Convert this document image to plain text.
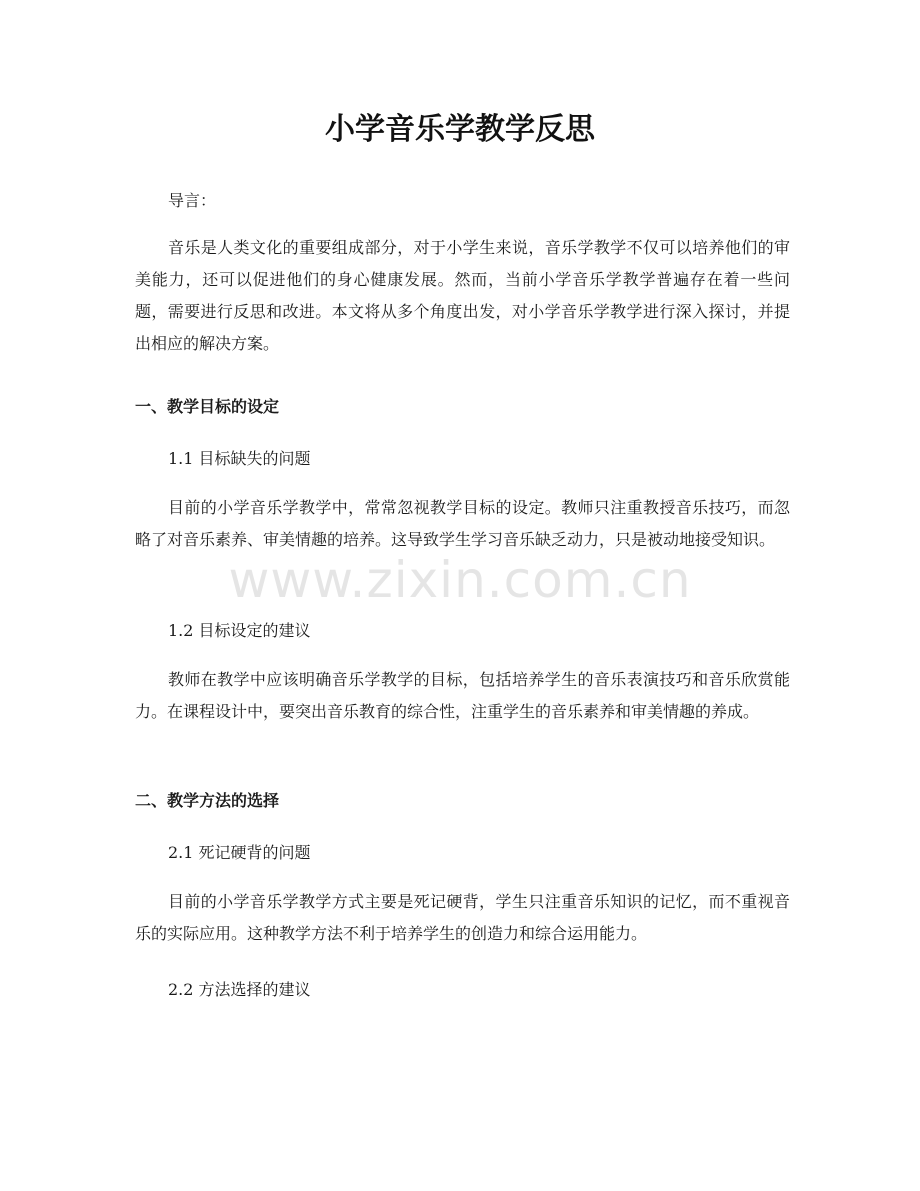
小学音乐学教学反思

导言：

音乐是人类文化的重要组成部分，对于小学生来说，音乐学教学不仅可以培养他们的审美能力，还可以促进他们的身心健康发展。然而，当前小学音乐学教学普遍存在着一些问题，需要进行反思和改进。本文将从多个角度出发，对小学音乐学教学进行深入探讨，并提出相应的解决方案。

一、教学目标的设定

1.1 目标缺失的问题

目前的小学音乐学教学中，常常忽视教学目标的设定。教师只注重教授音乐技巧，而忽略了对音乐素养、审美情趣的培养。这导致学生学习音乐缺乏动力，只是被动地接受知识。

1.2 目标设定的建议

教师在教学中应该明确音乐学教学的目标，包括培养学生的音乐表演技巧和音乐欣赏能力。在课程设计中，要突出音乐教育的综合性，注重学生的音乐素养和审美情趣的养成。

二、教学方法的选择

2.1 死记硬背的问题

目前的小学音乐学教学方式主要是死记硬背，学生只注重音乐知识的记忆，而不重视音乐的实际应用。这种教学方法不利于培养学生的创造力和综合运用能力。

2.2 方法选择的建议

www.zixin.com.cn
